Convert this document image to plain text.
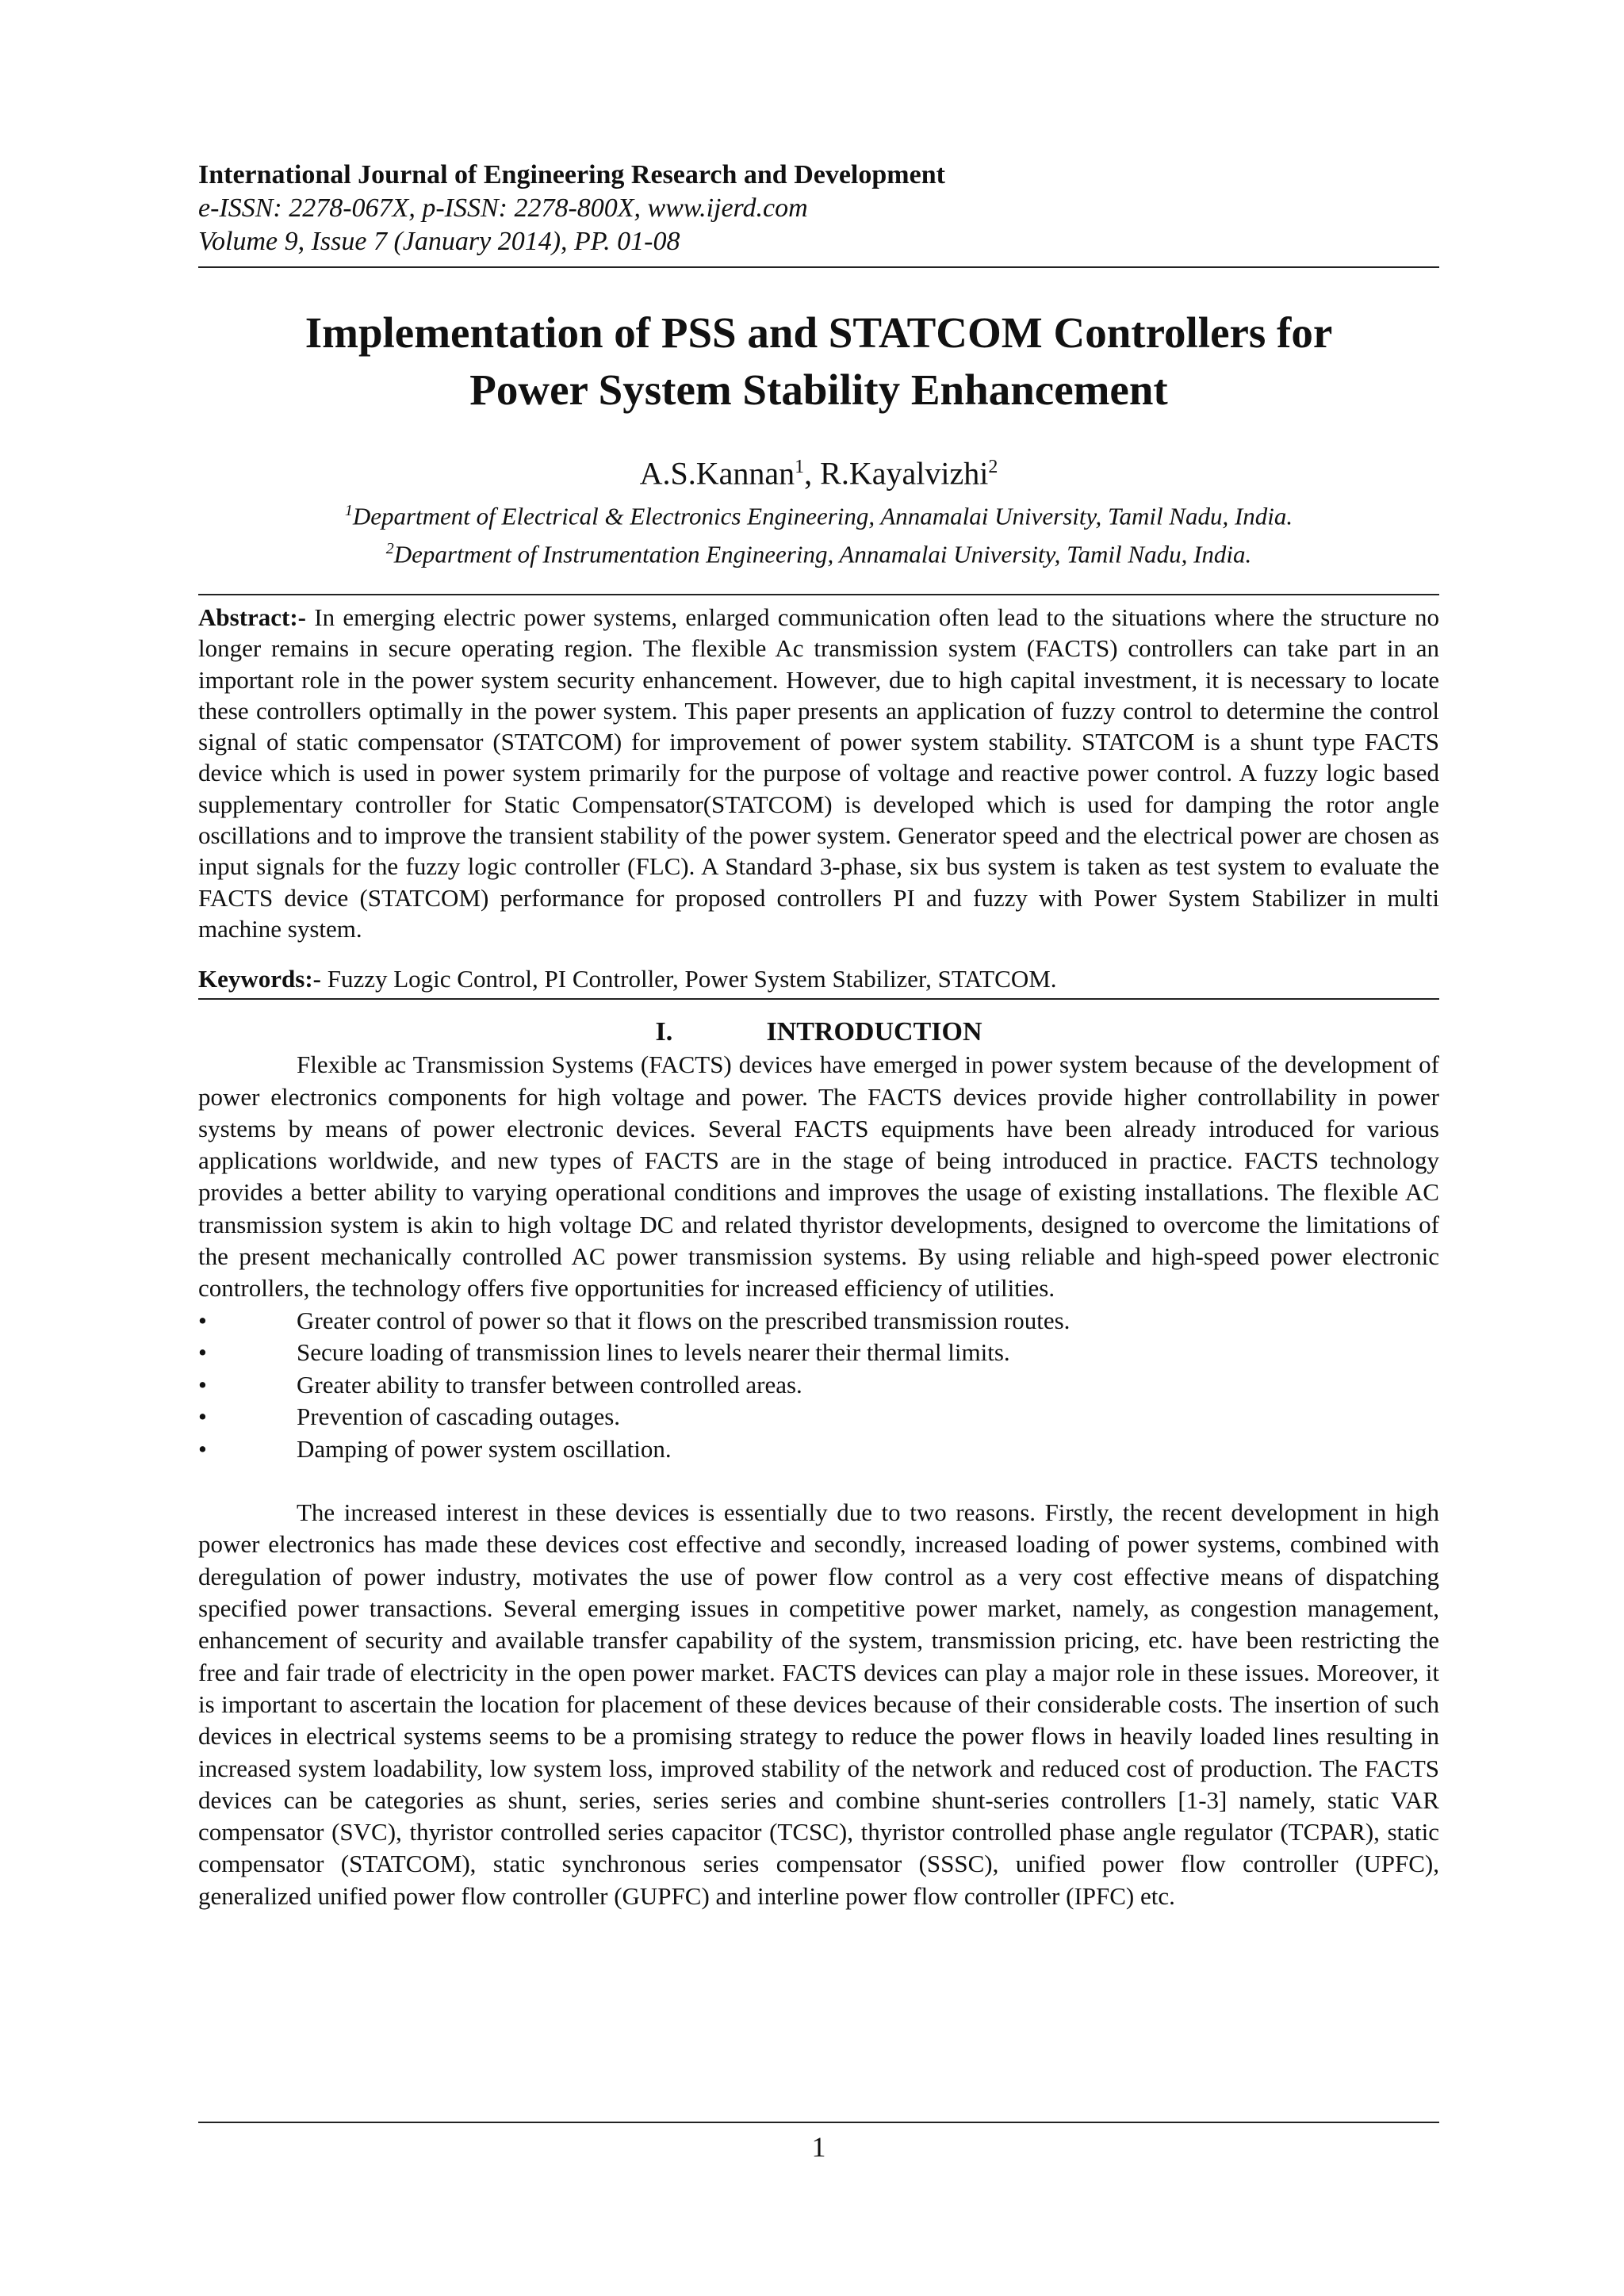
International Journal of Engineering Research and Development

e-ISSN: 2278-067X, p-ISSN: 2278-800X, www.ijerd.com

Volume 9, Issue 7 (January 2014), PP. 01-08

Implementation of PSS and STATCOM Controllers for
Power System Stability Enhancement
A.S.Kannan$^1$, R.Kayalvizhi$^2$

$^1$Department of Electrical & Electronics Engineering, Annamalai University, Tamil Nadu, India.

$^2$Department of Instrumentation Engineering, Annamalai University, Tamil Nadu, India.

Abstract:- In emerging electric power systems, enlarged communication often lead to the situations where the structure no longer remains in secure operating region. The flexible Ac transmission system (FACTS) controllers can take part in an important role in the power system security enhancement. However, due to high capital investment, it is necessary to locate these controllers optimally in the power system. This paper presents an application of fuzzy control to determine the control signal of static compensator (STATCOM) for improvement of power system stability. STATCOM is a shunt type FACTS device which is used in power system primarily for the purpose of voltage and reactive power control. A fuzzy logic based supplementary controller for Static Compensator(STATCOM) is developed which is used for damping the rotor angle oscillations and to improve the transient stability of the power system. Generator speed and the electrical power are chosen as input signals for the fuzzy logic controller (FLC). A Standard 3-phase, six bus system is taken as test system to evaluate the FACTS device (STATCOM) performance for proposed controllers PI and fuzzy with Power System Stabilizer in multi machine system.

Keywords:- Fuzzy Logic Control, PI Controller, Power System Stabilizer, STATCOM.

I.	INTRODUCTION

Flexible ac Transmission Systems (FACTS) devices have emerged in power system because of the development of power electronics components for high voltage and power. The FACTS devices provide higher controllability in power systems by means of power electronic devices. Several FACTS equipments have been already introduced for various applications worldwide, and new types of FACTS are in the stage of being introduced in practice. FACTS technology provides a better ability to varying operational conditions and improves the usage of existing installations. The flexible AC transmission system is akin to high voltage DC and related thyristor developments, designed to overcome the limitations of the present mechanically controlled AC power transmission systems. By using reliable and high-speed power electronic controllers, the technology offers five opportunities for increased efficiency of utilities.

•	Greater control of power so that it flows on the prescribed transmission routes.
•	Secure loading of transmission lines to levels nearer their thermal limits.
•	Greater ability to transfer between controlled areas.
•	Prevention of cascading outages.
•	Damping of power system oscillation.

The increased interest in these devices is essentially due to two reasons. Firstly, the recent development in high power electronics has made these devices cost effective and secondly, increased loading of power systems, combined with deregulation of power industry, motivates the use of power flow control as a very cost effective means of dispatching specified power transactions. Several emerging issues in competitive power market, namely, as congestion management, enhancement of security and available transfer capability of the system, transmission pricing, etc. have been restricting the free and fair trade of electricity in the open power market. FACTS devices can play a major role in these issues. Moreover, it is important to ascertain the location for placement of these devices because of their considerable costs. The insertion of such devices in electrical systems seems to be a promising strategy to reduce the power flows in heavily loaded lines resulting in increased system loadability, low system loss, improved stability of the network and reduced cost of production. The FACTS devices can be categories as shunt, series, series series and combine shunt-series controllers [1-3] namely, static VAR compensator (SVC), thyristor controlled series capacitor (TCSC), thyristor controlled phase angle regulator (TCPAR), static compensator (STATCOM), static synchronous series compensator (SSSC), unified power flow controller (UPFC), generalized unified power flow controller (GUPFC) and interline power flow controller (IPFC) etc.

1
